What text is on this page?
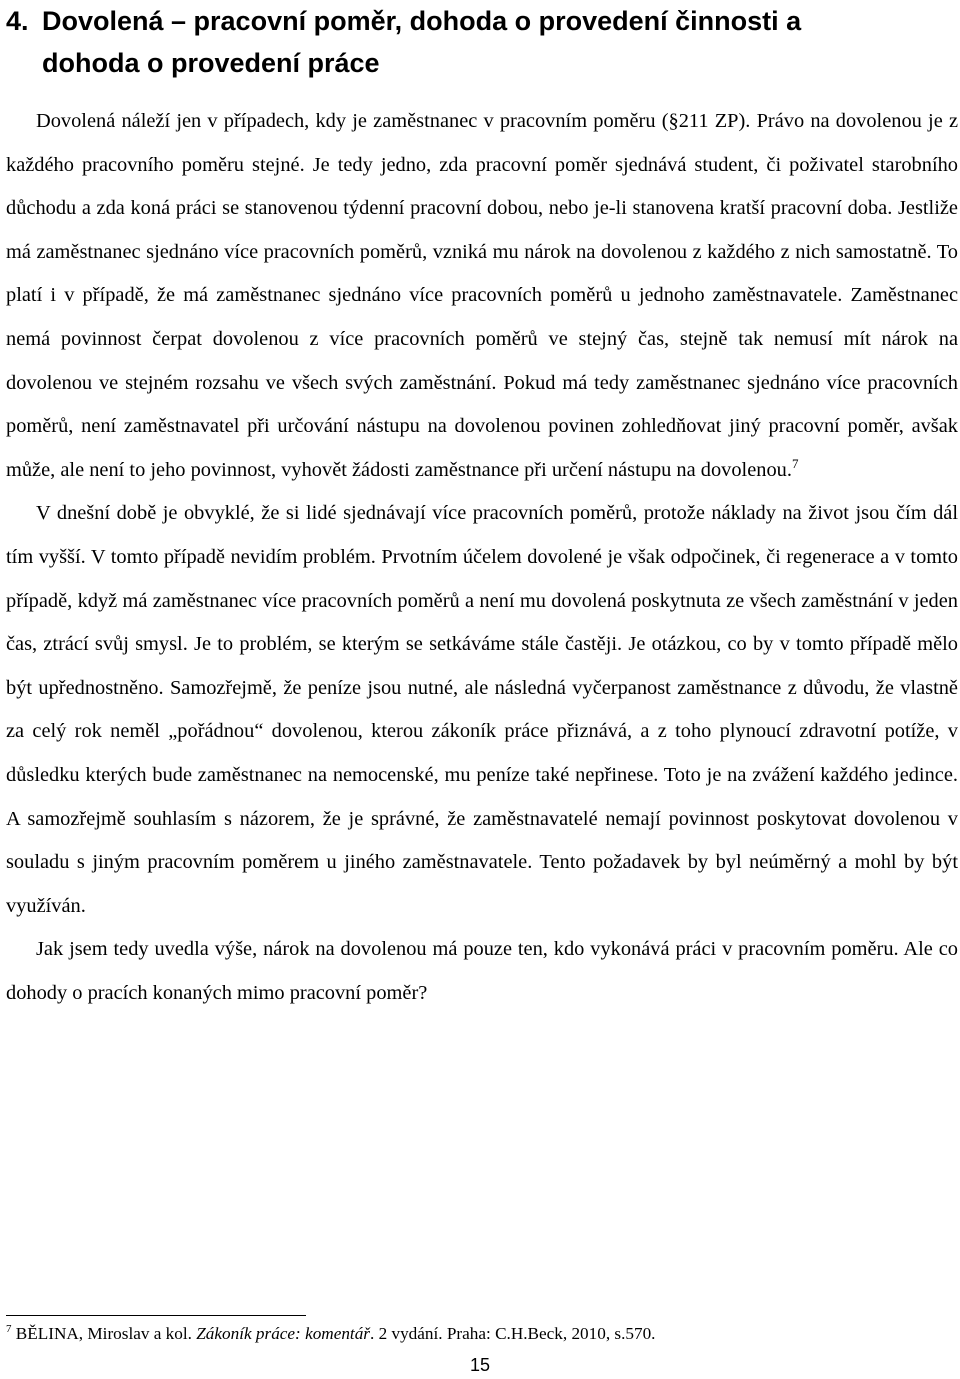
4. Dovolená – pracovní poměr, dohoda o provedení činnosti a
dohoda o provedení práce

Dovolená náleží jen v případech, kdy je zaměstnanec v pracovním poměru (§211 ZP). Právo na dovolenou je z každého pracovního poměru stejné. Je tedy jedno, zda pracovní poměr sjednává student, či poživatel starobního důchodu a zda koná práci se stanovenou týdenní pracovní dobou, nebo je-li stanovena kratší pracovní doba. Jestliže má zaměstnanec sjednáno více pracovních poměrů, vzniká mu nárok na dovolenou z každého z nich samostatně. To platí i v případě, že má zaměstnanec sjednáno více pracovních poměrů u jednoho zaměstnavatele. Zaměstnanec nemá povinnost čerpat dovolenou z více pracovních poměrů ve stejný čas, stejně tak nemusí mít nárok na dovolenou ve stejném rozsahu ve všech svých zaměstnání. Pokud má tedy zaměstnanec sjednáno více pracovních poměrů, není zaměstnavatel při určování nástupu na dovolenou povinen zohledňovat jiný pracovní poměr, avšak může, ale není to jeho povinnost, vyhovět žádosti zaměstnance při určení nástupu na dovolenou.$^7$

V dnešní době je obvyklé, že si lidé sjednávají více pracovních poměrů, protože náklady na život jsou čím dál tím vyšší. V tomto případě nevidím problém. Prvotním účelem dovolené je však odpočinek, či regenerace a v tomto případě, když má zaměstnanec více pracovních poměrů a není mu dovolená poskytnuta ze všech zaměstnání v jeden čas, ztrácí svůj smysl. Je to problém, se kterým se setkáváme stále častěji. Je otázkou, co by v tomto případě mělo být upřednostněno. Samozřejmě, že peníze jsou nutné, ale následná vyčerpanost zaměstnance z důvodu, že vlastně za celý rok neměl „pořádnou“ dovolenou, kterou zákoník práce přiznává, a z toho plynoucí zdravotní potíže, v důsledku kterých bude zaměstnanec na nemocenské, mu peníze také nepřinese. Toto je na zvážení každého jedince. A samozřejmě souhlasím s názorem, že je správné, že zaměstnavatelé nemají povinnost poskytovat dovolenou v souladu s jiným pracovním poměrem u jiného zaměstnavatele. Tento požadavek by byl neúměrný a mohl by být využíván.

Jak jsem tedy uvedla výše, nárok na dovolenou má pouze ten, kdo vykonává práci v pracovním poměru. Ale co dohody o pracích konaných mimo pracovní poměr?

$^7$ BĚLINA, Miroslav a kol. Zákoník práce: komentář. 2 vydání. Praha: C.H.Beck, 2010, s.570.
15
